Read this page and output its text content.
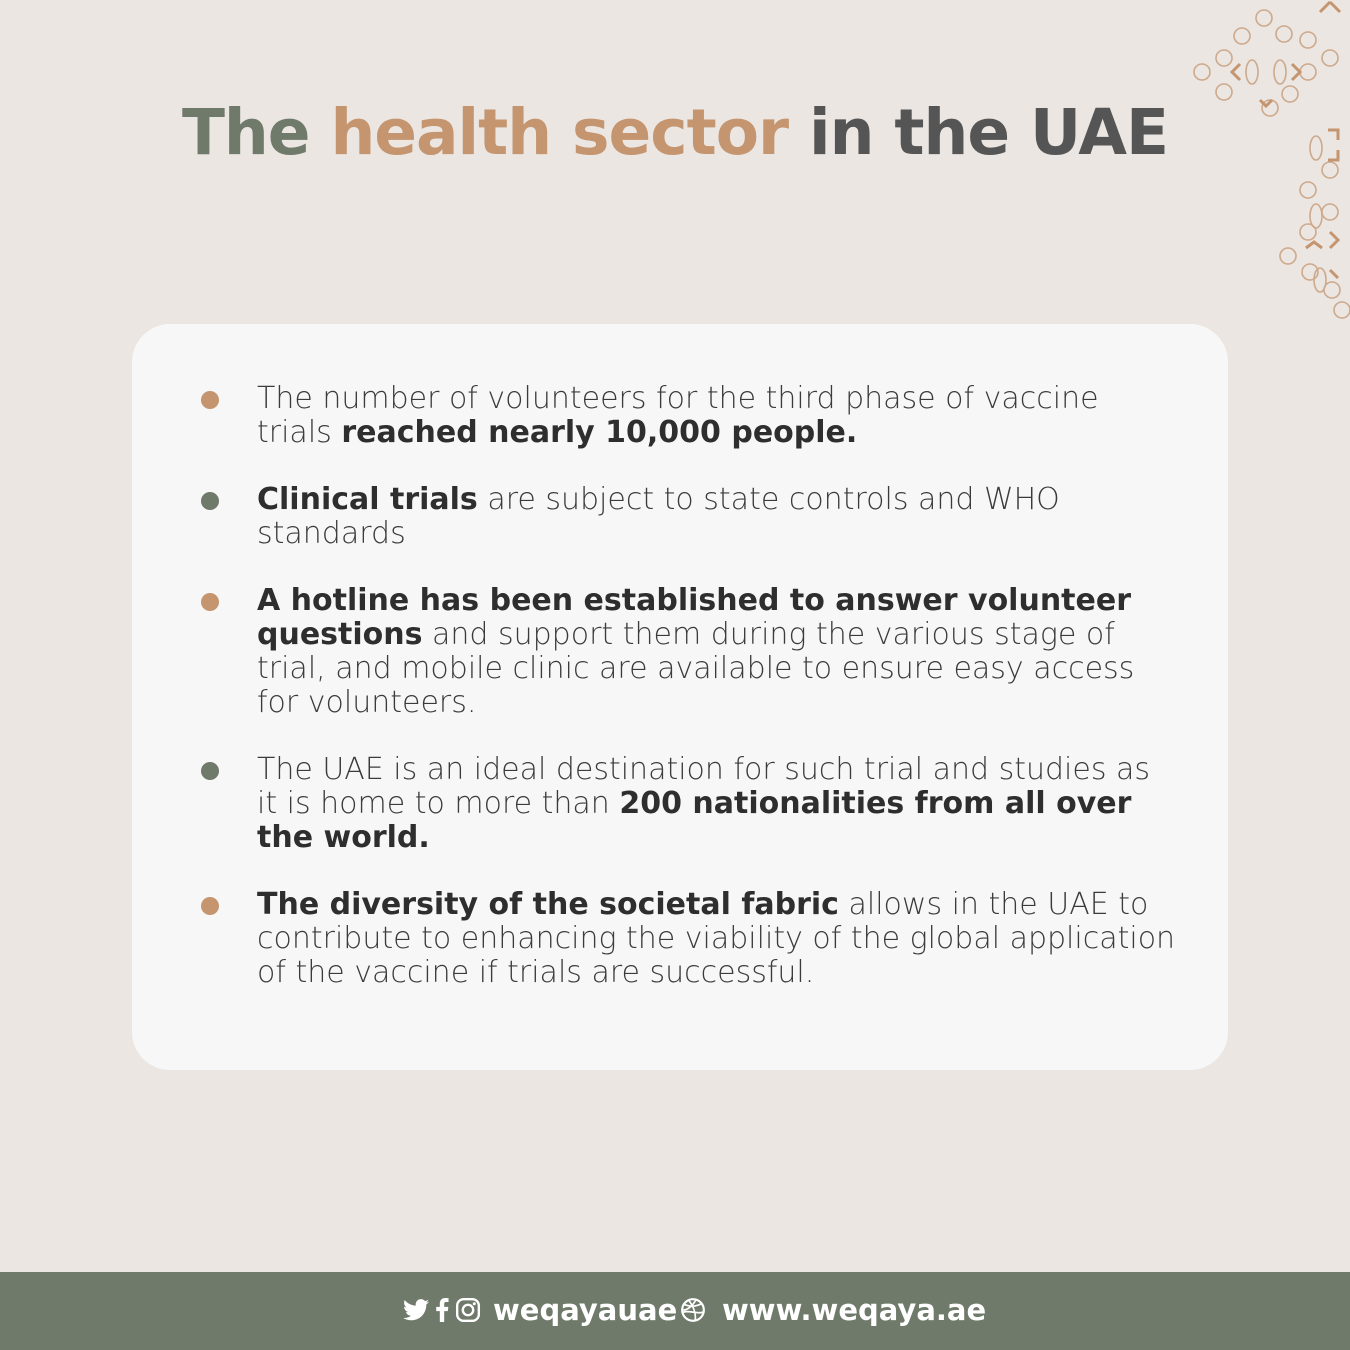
The health sector in the UAE
The number of volunteers for the third phase of vaccine trials reached nearly 10,000 people.
Clinical trials are subject to state controls and WHO standards
A hotline has been established to answer volunteer questions and support them during the various stage of trial, and mobile clinic are available to ensure easy access for volunteers.
The UAE is an ideal destination for such trial and studies as it is home to more than 200 nationalities from all over the world.
The diversity of the societal fabric allows in the UAE to contribute to enhancing the viability of the global application of the vaccine if trials are successful.
weqayauae www.weqaya.ae
